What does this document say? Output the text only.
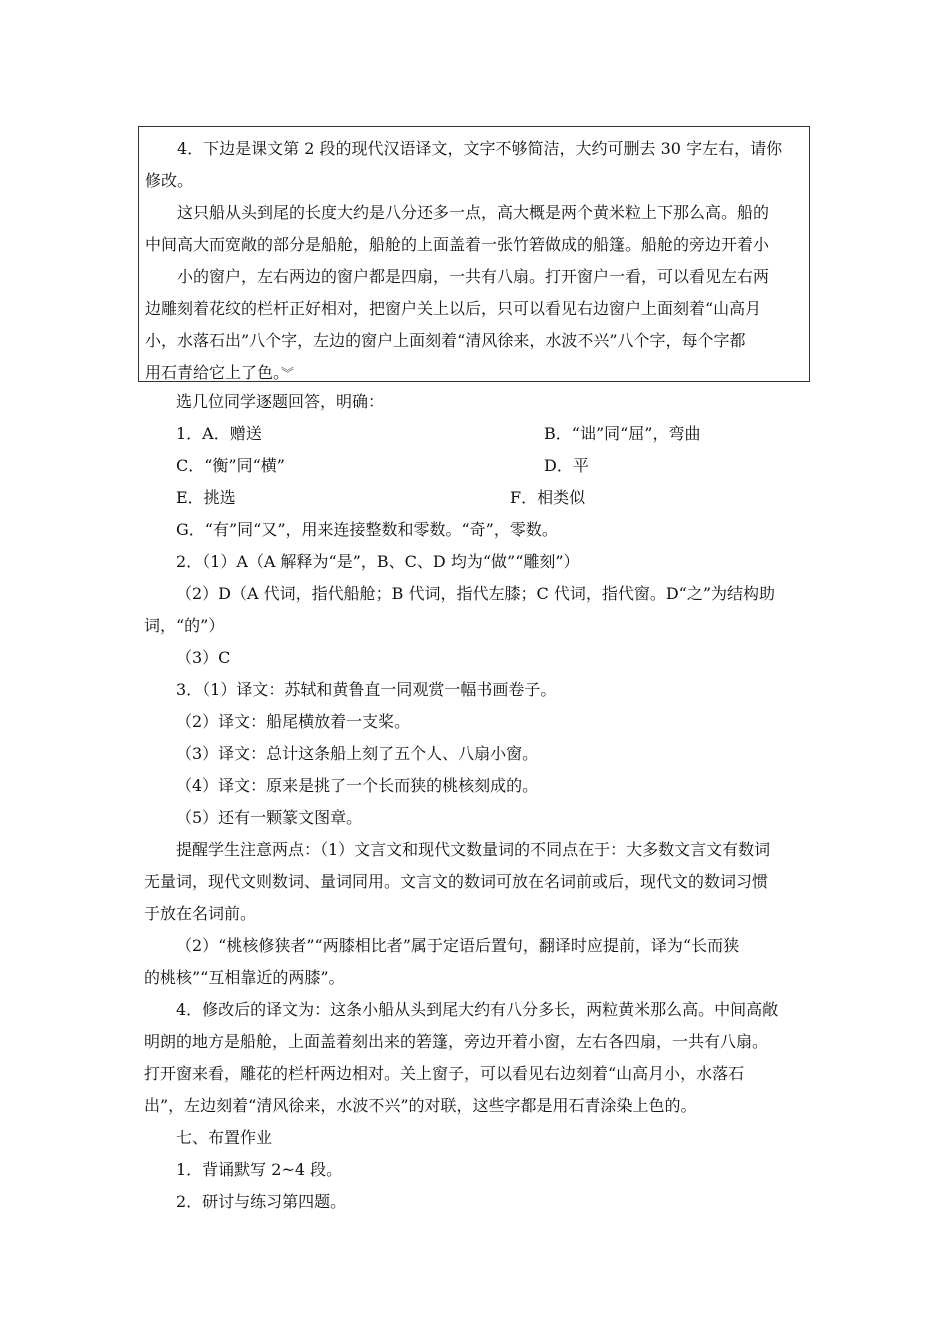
4．下边是课文第 2 段的现代汉语译文，文字不够简洁，大约可删去 30 字左右，请你

修改。

这只船从头到尾的长度大约是八分还多一点，高大概是两个黄米粒上下那么高。船的

中间高大而宽敞的部分是船舱，船舱的上面盖着一张竹箬做成的船篷。船舱的旁边开着小

小的窗户，左右两边的窗户都是四扇，一共有八扇。打开窗户一看，可以看见左右两

边雕刻着花纹的栏杆正好相对，把窗户关上以后，只可以看见右边窗户上面刻着“山高月

小，水落石出”八个字，左边的窗户上面刻着“清风徐来，水波不兴”八个字，每个字都

用石青给它上了色。︾

选几位同学逐题回答，明确：

1．A．赠送	B．“诎”同“屈”，弯曲
C．“衡”同“横”	D．平
E．挑选	F．相类似

G．“有”同“又”，用来连接整数和零数。“奇”，零数。

2．（1）A（A 解释为“是”，B、C、D 均为“做”“雕刻”）

（2）D（A 代词，指代船舱；B 代词，指代左膝；C 代词，指代窗。D“之”为结构助

词，“的”）

（3）C

3．（1）译文：苏轼和黄鲁直一同观赏一幅书画卷子。

（2）译文：船尾横放着一支桨。

（3）译文：总计这条船上刻了五个人、八扇小窗。

（4）译文：原来是挑了一个长而狭的桃核刻成的。

（5）还有一颗篆文图章。

提醒学生注意两点：（1）文言文和现代文数量词的不同点在于：大多数文言文有数词

无量词，现代文则数词、量词同用。文言文的数词可放在名词前或后，现代文的数词习惯

于放在名词前。

（2）“桃核修狭者”“两膝相比者”属于定语后置句，翻译时应提前，译为“长而狭

的桃核”“互相靠近的两膝”。

4．修改后的译文为：这条小船从头到尾大约有八分多长，两粒黄米那么高。中间高敞

明朗的地方是船舱，上面盖着刻出来的箬篷，旁边开着小窗，左右各四扇，一共有八扇。

打开窗来看，雕花的栏杆两边相对。关上窗子，可以看见右边刻着“山高月小，水落石

出”，左边刻着“清风徐来，水波不兴”的对联，这些字都是用石青涂染上色的。

七、布置作业

1．背诵默写 2~4 段。

2．研讨与练习第四题。
